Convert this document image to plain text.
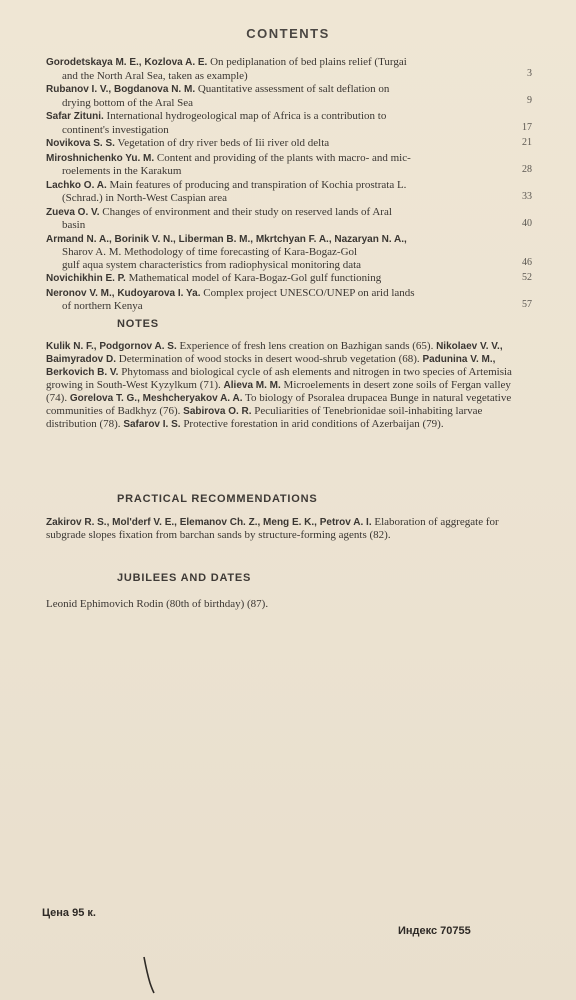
CONTENTS
Gorodetskaya M. E., Kozlova A. E. On pediplanation of bed plains relief (Turgai
and the North Aral Sea, taken as example)	3
Rubanov I. V., Bogdanova N. M. Quantitative assessment of salt deflation on
drying bottom of the Aral Sea	9
Safar Zituni. International hydrogeological map of Africa is a contribution to
continent's investigation	17
Novikova S. S. Vegetation of dry river beds of Iii river old delta	21
Miroshnichenko Yu. M. Content and providing of the plants with macro- and mic-
roelements in the Karakum	28
Lachko O. A. Main features of producing and transpiration of Kochia prostrata L.
(Schrad.) in North-West Caspian area	33
Zueva O. V. Changes of environment and their study on reserved lands of Aral
basin	40
Armand N. A., Borinik V. N., Liberman B. M., Mkrtchyan F. A., Nazaryan N. A.,
Sharov A. M. Methodology of time forecasting of Kara-Bogaz-Gol
gulf aqua system characteristics from radiophysical monitoring data	46
Novichikhin E. P. Mathematical model of Kara-Bogaz-Gol gulf functioning	52
Neronov V. M., Kudoyarova I. Ya. Complex project UNESCO/UNEP on arid lands
of northern Kenya	57
NOTES

Kulik N. F., Podgornov A. S. Experience of fresh lens creation on Bazhigan sands (65). Nikolaev V. V., Baimyradov D. Determination of wood stocks in desert wood-shrub vegetation (68). Padunina V. M., Berkovich B. V. Phytomass and biological cycle of ash elements and nitrogen in two species of Artemisia growing in South-West Kyzylkum (71). Alieva M. M. Microelements in desert zone soils of Fergan valley (74). Gorelova T. G., Meshcheryakov A. A. To biology of Psoralea drupacea Bunge in natural vegetative communities of Badkhyz (76). Sabirova O. R. Peculiarities of Tenebrionidae soil-inhabiting larvae distribution (78). Safarov I. S. Protective forestation in arid conditions of Azerbaijan (79).

PRACTICAL RECOMMENDATIONS

Zakirov R. S., Mol'derf V. E., Elemanov Ch. Z., Meng E. K., Petrov A. I. Elaboration of aggregate for subgrade slopes fixation from barchan sands by structure-forming agents (82).

JUBILEES AND DATES

Leonid Ephimovich Rodin (80th of birthday) (87).

Цена 95 к.
Индекс 70755
